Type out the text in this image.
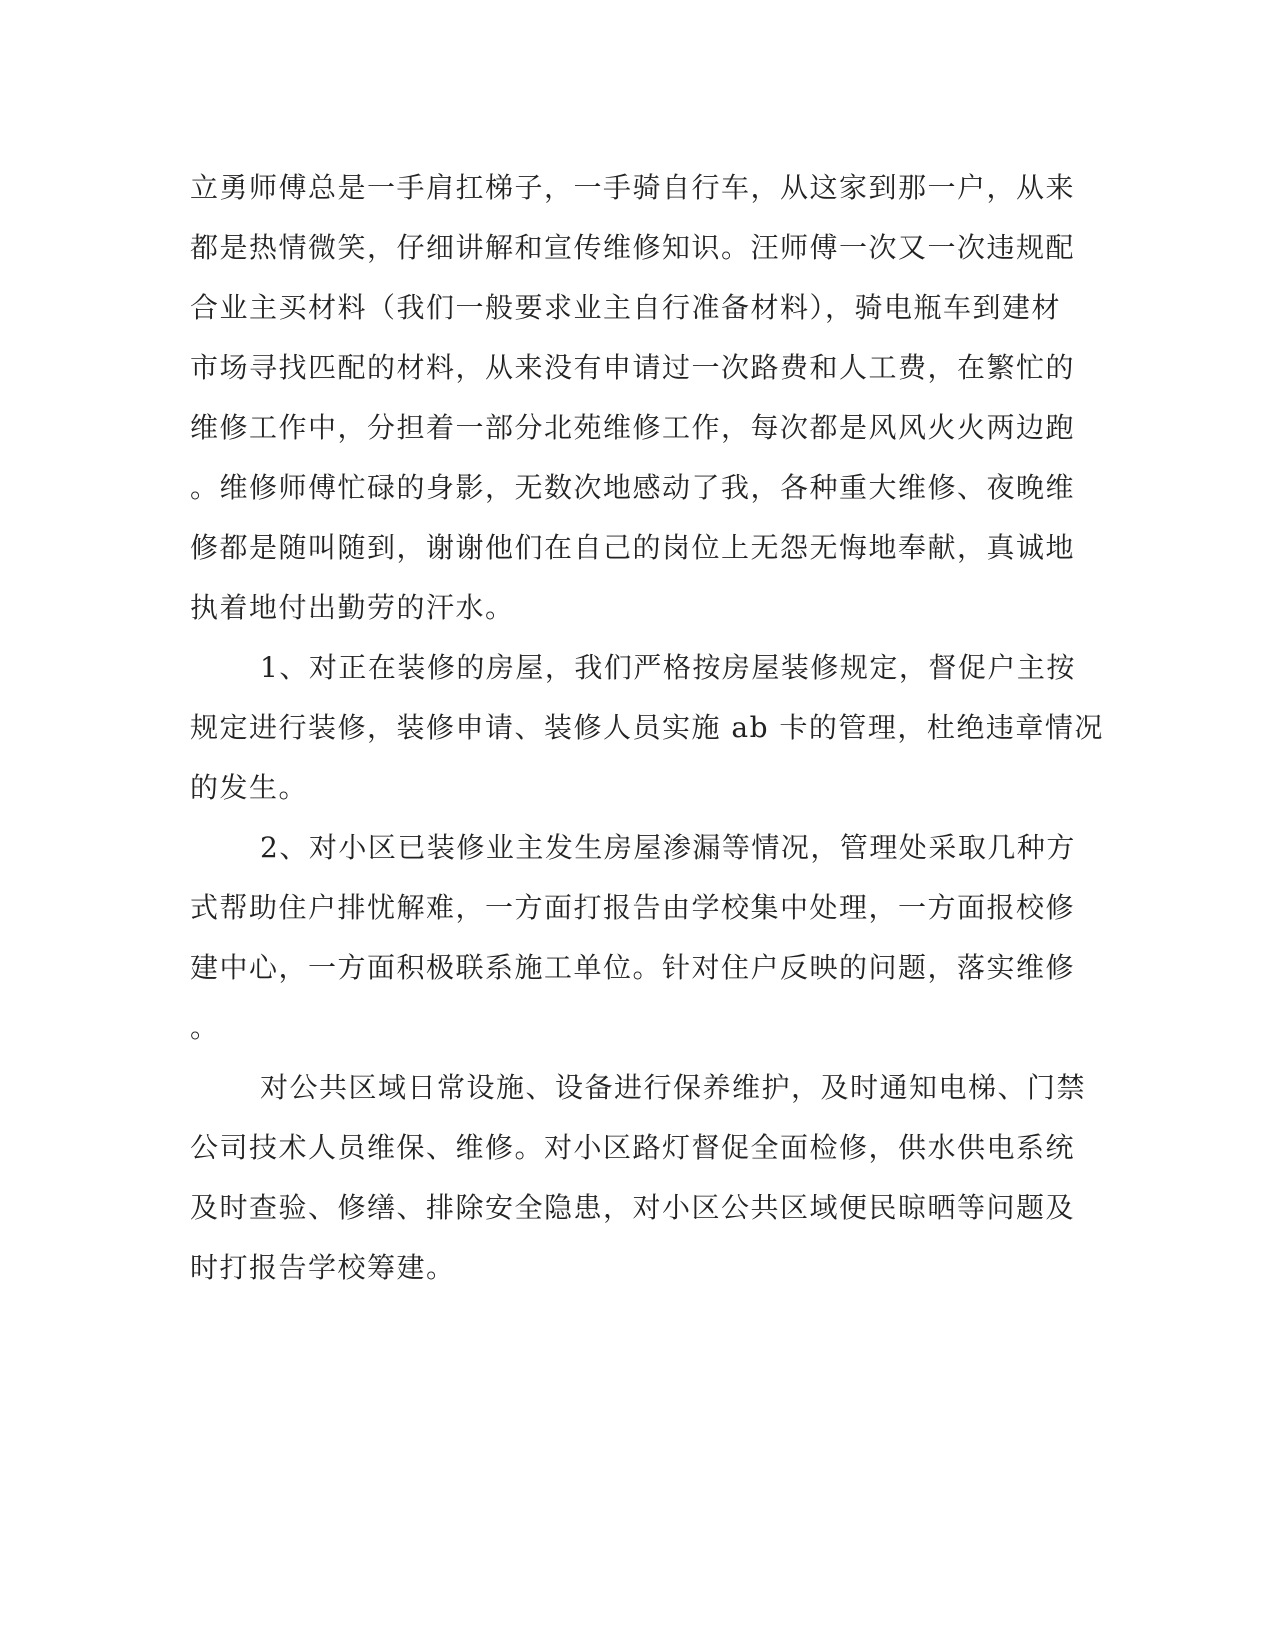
立勇师傅总是一手肩扛梯子，一手骑自行车，从这家到那一户，从来
都是热情微笑，仔细讲解和宣传维修知识。汪师傅一次又一次违规配
合业主买材料（我们一般要求业主自行准备材料），骑电瓶车到建材
市场寻找匹配的材料，从来没有申请过一次路费和人工费，在繁忙的
维修工作中，分担着一部分北苑维修工作，每次都是风风火火两边跑
。维修师傅忙碌的身影，无数次地感动了我，各种重大维修、夜晚维
修都是随叫随到，谢谢他们在自己的岗位上无怨无悔地奉献，真诚地
执着地付出勤劳的汗水。
1、对正在装修的房屋，我们严格按房屋装修规定，督促户主按
规定进行装修，装修申请、装修人员实施 ab 卡的管理，杜绝违章情况
的发生。
2、对小区已装修业主发生房屋渗漏等情况，管理处采取几种方
式帮助住户排忧解难，一方面打报告由学校集中处理，一方面报校修
建中心，一方面积极联系施工单位。针对住户反映的问题，落实维修
。
对公共区域日常设施、设备进行保养维护，及时通知电梯、门禁
公司技术人员维保、维修。对小区路灯督促全面检修，供水供电系统
及时查验、修缮、排除安全隐患，对小区公共区域便民晾晒等问题及
时打报告学校筹建。
